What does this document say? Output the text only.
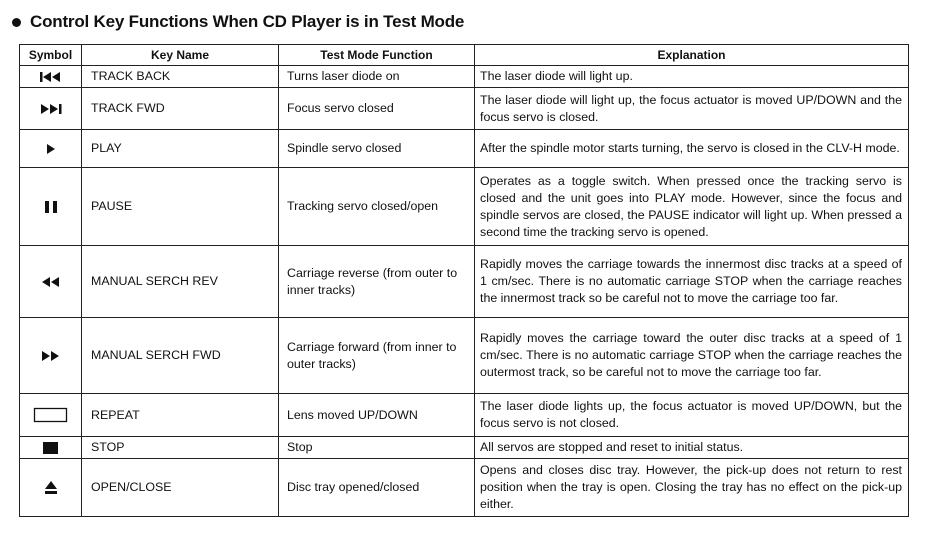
Control Key Functions When CD Player is in Test Mode
Symbol	Key Name	Test Mode Function	Explanation

	TRACK BACK	Turns laser diode on	The laser diode will light up.

	TRACK FWD	Focus servo closed	The laser diode will light up, the focus actuator is moved UP/DOWN and the focus servo is closed.

	PLAY	Spindle servo closed	After the spindle motor starts turning, the servo is closed in the CLV-H mode.

	PAUSE	Tracking servo closed/open	Operates as a toggle switch. When pressed once the tracking servo is closed and the unit goes into PLAY mode. However, since the focus and spindle servos are closed, the PAUSE indicator will light up. When pressed a second time the tracking servo is opened.

	MANUAL SERCH REV	Carriage reverse (from outer to inner tracks)	Rapidly moves the carriage towards the innermost disc tracks at a speed of 1 cm/sec. There is no automatic carriage STOP when the carriage reaches the innermost track so be careful not to move the carriage too far.

	MANUAL SERCH FWD	Carriage forward (from inner to outer tracks)	Rapidly moves the carriage toward the outer disc tracks at a speed of 1 cm/sec. There is no automatic carriage STOP when the carriage reaches the outermost track, so be careful not to move the carriage too far.

	REPEAT	Lens moved UP/DOWN	The laser diode lights up, the focus actuator is moved UP/DOWN, but the focus servo is not closed.

	STOP	Stop	All servos are stopped and reset to initial status.

	OPEN/CLOSE	Disc tray opened/closed	Opens and closes disc tray. However, the pick-up does not return to rest position when the tray is open. Closing the tray has no effect on the pick-up either.
